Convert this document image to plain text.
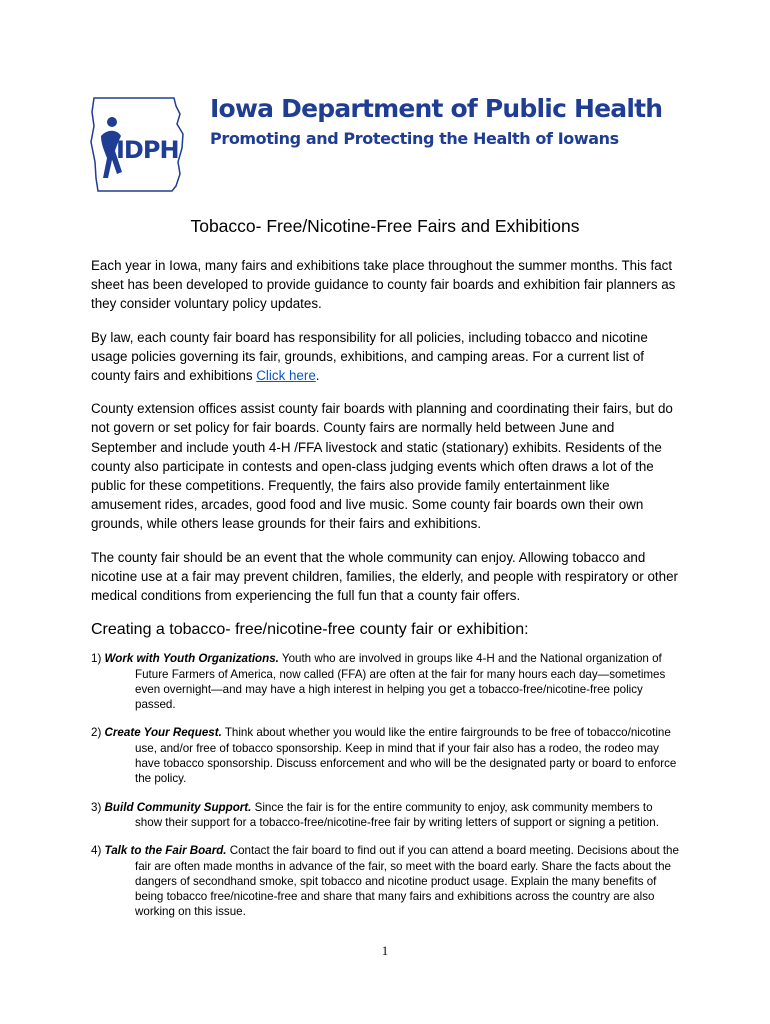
IDPH
Iowa Department of Public Health
Promoting and Protecting the Health of Iowans
Tobacco- Free/Nicotine-Free Fairs and Exhibitions

Each year in Iowa, many fairs and exhibitions take place throughout the summer months. This fact sheet has been developed to provide guidance to county fair boards and exhibition fair planners as they consider voluntary policy updates.

By law, each county fair board has responsibility for all policies, including tobacco and nicotine usage policies governing its fair, grounds, exhibitions, and camping areas. For a current list of county fairs and exhibitions Click here.

County extension offices assist county fair boards with planning and coordinating their fairs, but do not govern or set policy for fair boards. County fairs are normally held between June and September and include youth 4-H /FFA livestock and static (stationary) exhibits. Residents of the county also participate in contests and open-class judging events which often draws a lot of the public for these competitions. Frequently, the fairs also provide family entertainment like amusement rides, arcades, good food and live music. Some county fair boards own their own grounds, while others lease grounds for their fairs and exhibitions.

The county fair should be an event that the whole community can enjoy. Allowing tobacco and nicotine use at a fair may prevent children, families, the elderly, and people with respiratory or other medical conditions from experiencing the full fun that a county fair offers.

Creating a tobacco- free/nicotine-free county fair or exhibition:
1) Work with Youth Organizations. Youth who are involved in groups like 4-H and the National organization of Future Farmers of America, now called (FFA) are often at the fair for many hours each day—sometimes even overnight—and may have a high interest in helping you get a tobacco-free/nicotine-free policy passed.
2) Create Your Request. Think about whether you would like the entire fairgrounds to be free of tobacco/nicotine use, and/or free of tobacco sponsorship. Keep in mind that if your fair also has a rodeo, the rodeo may have tobacco sponsorship. Discuss enforcement and who will be the designated party or board to enforce the policy.
3) Build Community Support. Since the fair is for the entire community to enjoy, ask community members to show their support for a tobacco-free/nicotine-free fair by writing letters of support or signing a petition.
4) Talk to the Fair Board. Contact the fair board to find out if you can attend a board meeting. Decisions about the fair are often made months in advance of the fair, so meet with the board early. Share the facts about the dangers of secondhand smoke, spit tobacco and nicotine product usage. Explain the many benefits of being tobacco free/nicotine-free and share that many fairs and exhibitions across the country are also working on this issue.
1
